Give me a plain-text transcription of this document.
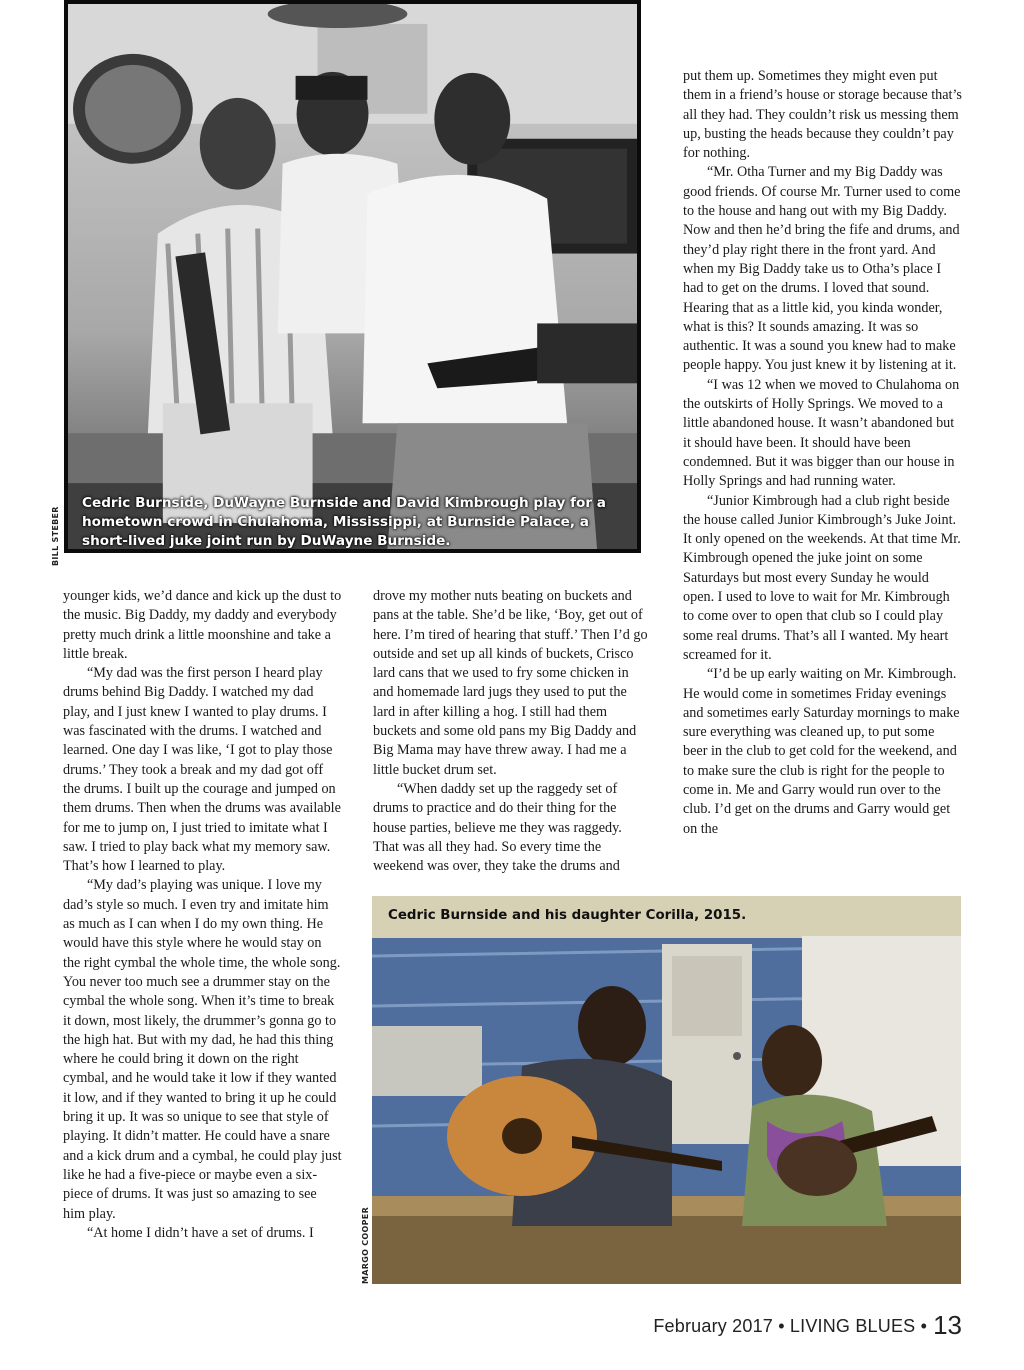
Cedric Burnside, DuWayne Burnside and David Kimbrough play for a hometown crowd in Chulahoma, Mississippi, at Burnside Palace, a short-lived juke joint run by DuWayne Burnside.
BILL STEBER

younger kids, we’d dance and kick up the dust to the music. Big Daddy, my daddy and everybody pretty much drink a little moonshine and take a little break.

“My dad was the first person I heard play drums behind Big Daddy. I watched my dad play, and I just knew I wanted to play drums. I was fascinated with the drums. I watched and learned. One day I was like, ‘I got to play those drums.’ They took a break and my dad got off the drums. I built up the courage and jumped on them drums. Then when the drums was available for me to jump on, I just tried to imitate what I saw. I tried to play back what my memory saw. That’s how I learned to play.

“My dad’s playing was unique. I love my dad’s style so much. I even try and imitate him as much as I can when I do my own thing. He would have this style where he would stay on the right cymbal the whole time, the whole song. You never too much see a drummer stay on the cymbal the whole song. When it’s time to break it down, most likely, the drummer’s gonna go to the high hat. But with my dad, he had this thing where he could bring it down on the right cymbal, and he would take it low if they wanted it low, and if they wanted to bring it up he could bring it up. It was so unique to see that style of playing. It didn’t matter. He could have a snare and a kick drum and a cymbal, he could play just like he had a five-piece or maybe even a six-piece of drums. It was just so amazing to see him play.

“At home I didn’t have a set of drums. I

drove my mother nuts beating on buckets and pans at the table. She’d be like, ‘Boy, get out of here. I’m tired of hearing that stuff.’ Then I’d go outside and set up all kinds of buckets, Crisco lard cans that we used to fry some chicken in and homemade lard jugs they used to put the lard in after killing a hog. I still had them buckets and some old pans my Big Daddy and Big Mama may have threw away. I had me a little bucket drum set.

“When daddy set up the raggedy set of drums to practice and do their thing for the house parties, believe me they was raggedy. That was all they had. So every time the weekend was over, they take the drums and

put them up. Sometimes they might even put them in a friend’s house or storage because that’s all they had. They couldn’t risk us messing them up, busting the heads because they couldn’t pay for nothing.

“Mr. Otha Turner and my Big Daddy was good friends. Of course Mr. Turner used to come to the house and hang out with my Big Daddy. Now and then he’d bring the fife and drums, and they’d play right there in the front yard. And when my Big Daddy take us to Otha’s place I had to get on the drums. I loved that sound. Hearing that as a little kid, you kinda wonder, what is this? It sounds amazing. It was so authentic. It was a sound you knew had to make people happy. You just knew it by listening at it.

“I was 12 when we moved to Chulahoma on the outskirts of Holly Springs. We moved to a little abandoned house. It wasn’t abandoned but it should have been. It should have been condemned. But it was bigger than our house in Holly Springs and had running water.

“Junior Kimbrough had a club right beside the house called Junior Kimbrough’s Juke Joint. It only opened on the weekends. At that time Mr. Kimbrough opened the juke joint on some Saturdays but most every Sunday he would open. I used to love to wait for Mr. Kimbrough to come over to open that club so I could play some real drums. That’s all I wanted. My heart screamed for it.

“I’d be up early waiting on Mr. Kimbrough. He would come in sometimes Friday evenings and sometimes early Saturday mornings to make sure everything was cleaned up, to put some beer in the club to get cold for the weekend, and to make sure the club is right for the people to come in. Me and Garry would run over to the club. I’d get on the drums and Garry would get on the

Cedric Burnside and his daughter Corilla, 2015.
MARGO COOPER
February 2017 • LIVING BLUES • 13
